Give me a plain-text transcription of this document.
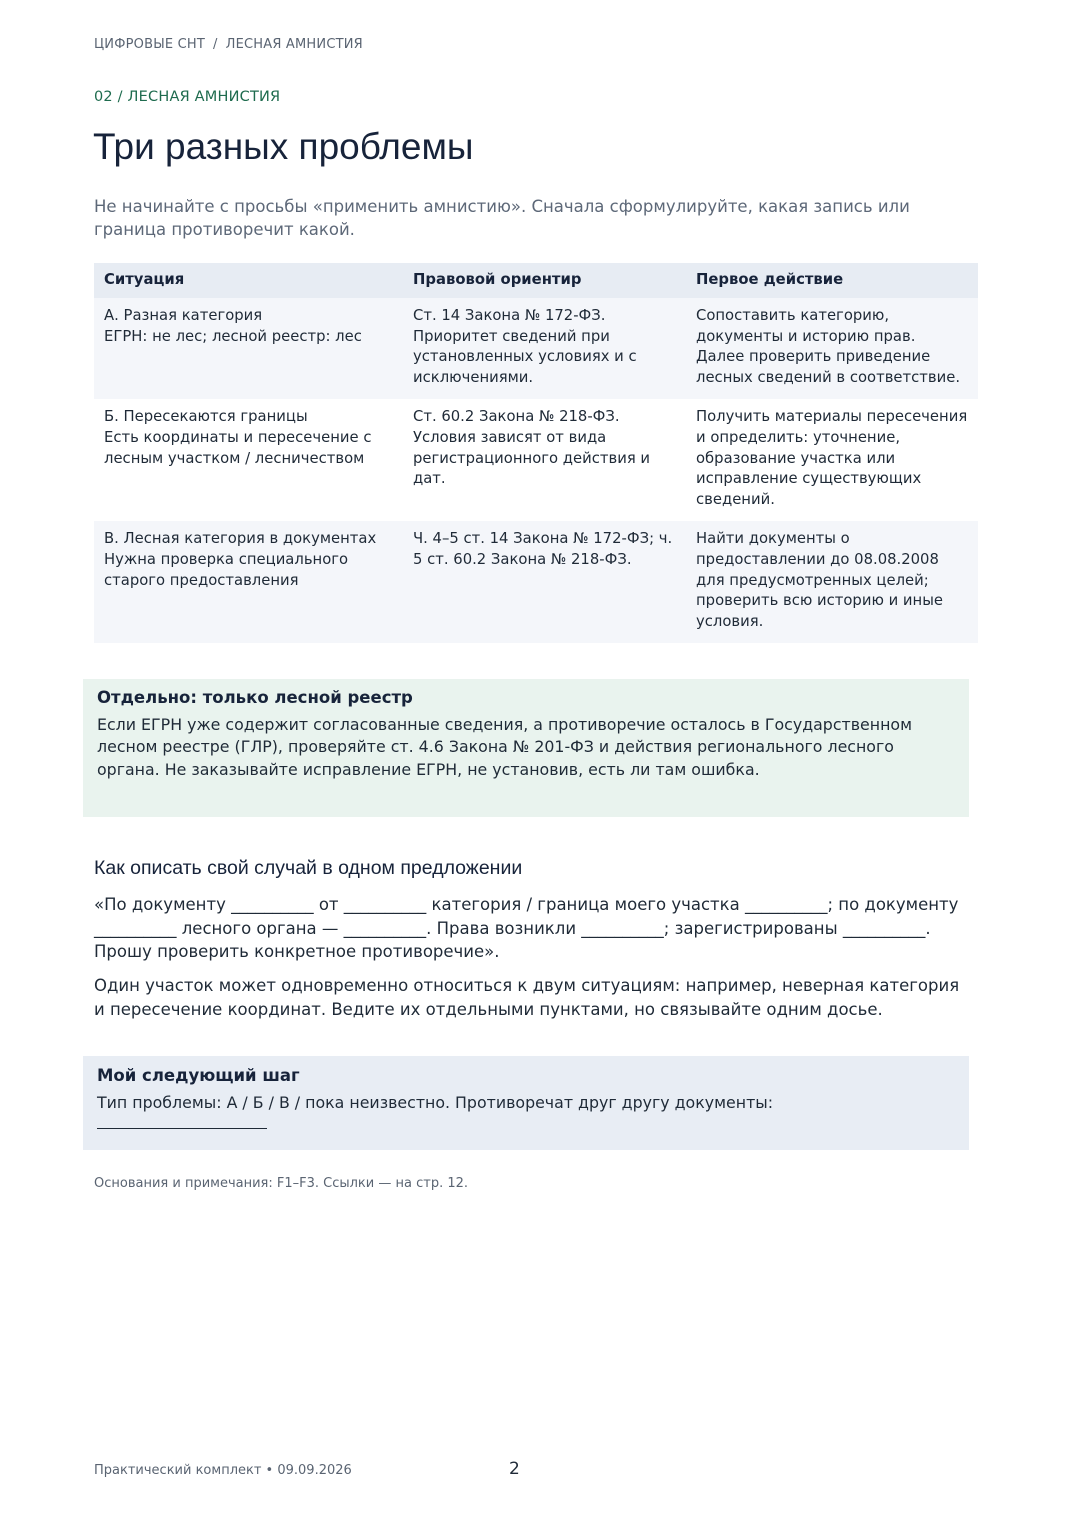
ЦИФРОВЫЕ СНТ / ЛЕСНАЯ АМНИСТИЯ
02 / ЛЕСНАЯ АМНИСТИЯ
Три разных проблемы

Не начинайте с просьбы «применить амнистию». Сначала сформулируйте, какая запись или граница противоречит какой.

Ситуация	Правовой ориентир	Первое действие

А. Разная категория
ЕГРН: не лес; лесной реестр: лес	Ст. 14 Закона № 172-ФЗ. Приоритет сведений при установленных условиях и с исключениями.	Сопоставить категорию, документы и историю прав. Далее проверить приведение лесных сведений в соответствие.

Б. Пересекаются границы
Есть координаты и пересечение с лесным участком / лесничеством	Ст. 60.2 Закона № 218-ФЗ. Условия зависят от вида регистрационного действия и дат.	Получить материалы пересечения и определить: уточнение, образование участка или исправление существующих сведений.

В. Лесная категория в документах
Нужна проверка специального старого предоставления	Ч. 4–5 ст. 14 Закона № 172-ФЗ; ч. 5 ст. 60.2 Закона № 218-ФЗ.	Найти документы о предоставлении до 08.08.2008 для предусмотренных целей; проверить всю историю и иные условия.
Отдельно: только лесной реестр

Если ЕГРН уже содержит согласованные сведения, а противоречие осталось в Государственном лесном реестре (ГЛР), проверяйте ст. 4.6 Закона № 201-ФЗ и действия регионального лесного органа. Не заказывайте исправление ЕГРН, не установив, есть ли там ошибка.

Как описать свой случай в одном предложении

«По документу __________ от __________ категория / граница моего участка __________; по документу __________ лесного органа — __________. Права возникли __________; зарегистрированы __________. Прошу проверить конкретное противоречие».

Один участок может одновременно относиться к двум ситуациям: например, неверная категория и пересечение координат. Ведите их отдельными пунктами, но связывайте одним досье.

Мой следующий шаг

Тип проблемы: А / Б / В / пока неизвестно. Противоречат друг другу документы:

Основания и примечания: F1–F3. Ссылки — на стр. 12.
Практический комплект • 09.09.2026	2
